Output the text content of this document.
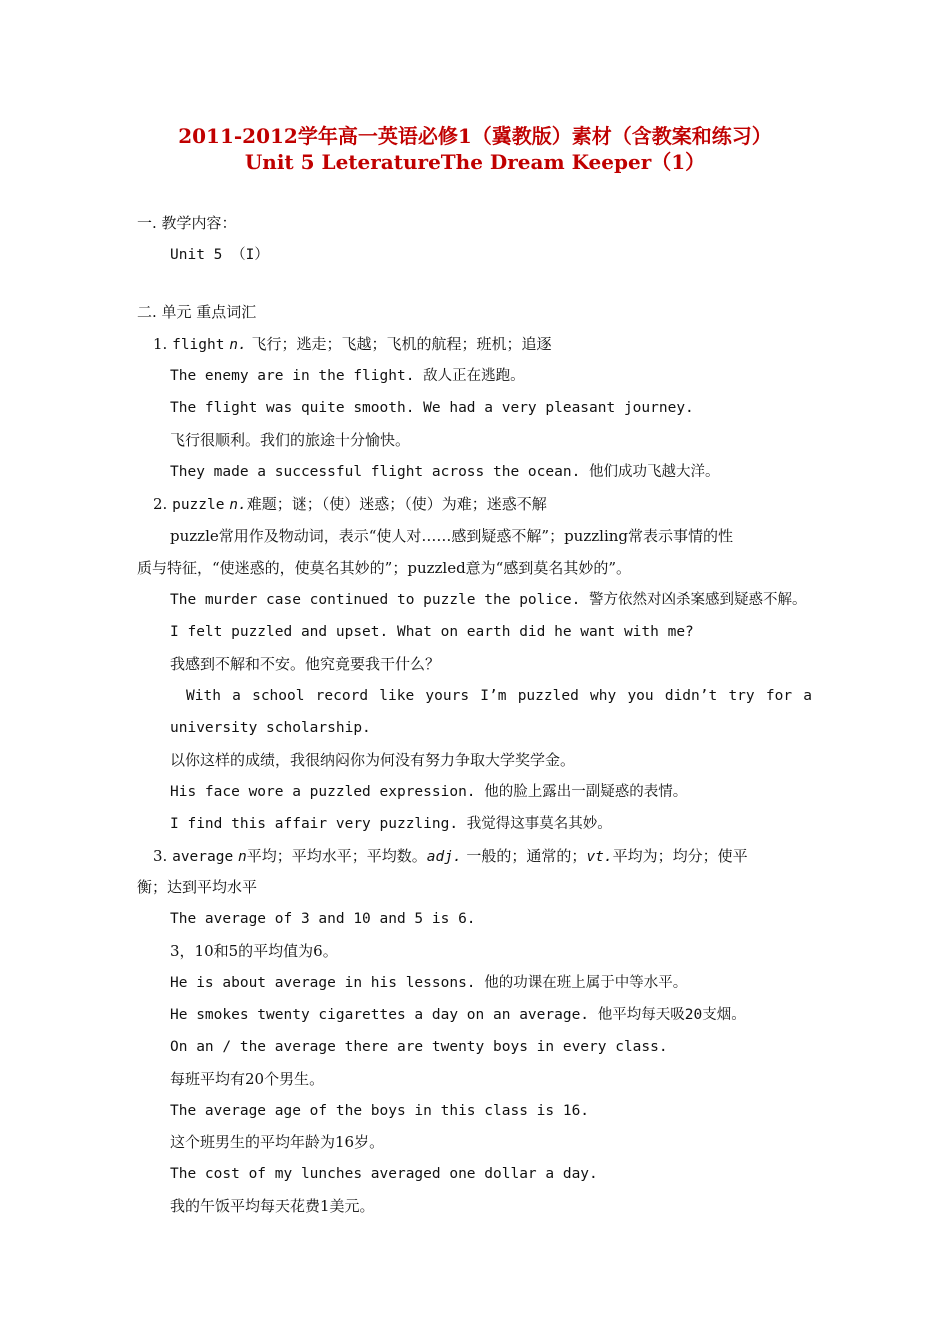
2011-2012学年高一英语必修1（冀教版）素材（含教案和练习）
Unit 5 LeteratureThe Dream Keeper（1）
一. 教学内容：
Unit 5 （I）
二. 单元 重点词汇
1. flight n. 飞行；逃走；飞越；飞机的航程；班机；追逐
The enemy are in the flight. 敌人正在逃跑。
The flight was quite smooth. We had a very pleasant journey.
飞行很顺利。我们的旅途十分愉快。
They made a successful flight across the ocean. 他们成功飞越大洋。
2. puzzle n.难题；谜；（使）迷惑；（使）为难；迷惑不解
puzzle常用作及物动词，表示“使人对……感到疑惑不解”；puzzling常表示事情的性
质与特征，“使迷惑的，使莫名其妙的”；puzzled意为“感到莫名其妙的”。
The murder case continued to puzzle the police. 警方依然对凶杀案感到疑惑不解。
I felt puzzled and upset. What on earth did he want with me?
我感到不解和不安。他究竟要我干什么？
With a school record like yours I’m puzzled why you didn’t try for a
university scholarship.
以你这样的成绩，我很纳闷你为何没有努力争取大学奖学金。
His face wore a puzzled expression. 他的脸上露出一副疑惑的表情。
I find this affair very puzzling. 我觉得这事莫名其妙。
3. average n平均；平均水平；平均数。adj. 一般的；通常的；vt.平均为；均分；使平
衡；达到平均水平
The average of 3 and 10 and 5 is 6.
3，10和5的平均值为6。
He is about average in his lessons. 他的功课在班上属于中等水平。
He smokes twenty cigarettes a day on an average. 他平均每天吸20支烟。
On an / the average there are twenty boys in every class.
每班平均有20个男生。
The average age of the boys in this class is 16.
这个班男生的平均年龄为16岁。
The cost of my lunches averaged one dollar a day.
我的午饭平均每天花费1美元。
